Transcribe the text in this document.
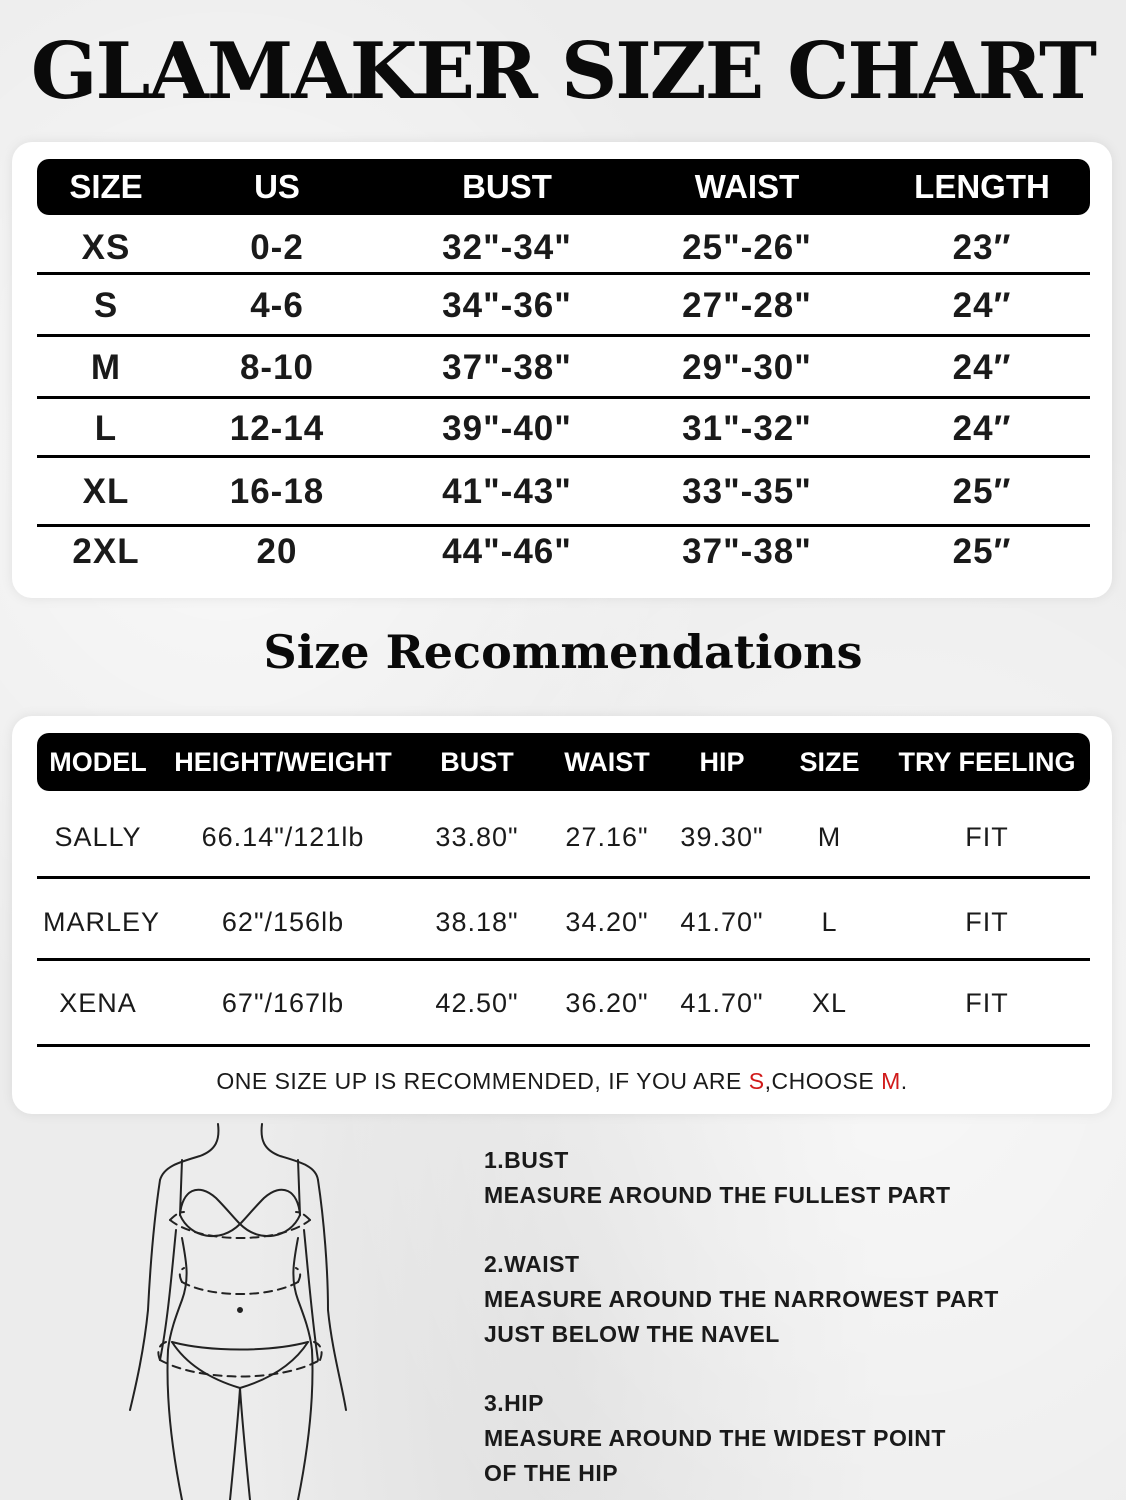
GLAMAKER SIZE CHART
SIZE	US	BUST	WAIST	LENGTH
XS	0-2	32"-34"	25"-26"	23″
S	4-6	34"-36"	27"-28"	24″
M	8-10	37"-38"	29"-30"	24″
L	12-14	39"-40"	31"-32"	24″
XL	16-18	41"-43"	33"-35"	25″
2XL	20	44"-46"	37"-38"	25″
Size Recommendations
MODEL	HEIGHT/WEIGHT	BUST	WAIST	HIP	SIZE	TRY FEELING
SALLY	66.14"/121lb	33.80"	27.16"	39.30"	M	FIT
MARLEY	62"/156lb	38.18"	34.20"	41.70"	L	FIT
XENA	67"/167lb	42.50"	36.20"	41.70"	XL	FIT
ONE SIZE UP IS RECOMMENDED, IF YOU ARE S,CHOOSE M.
1.BUST
MEASURE AROUND THE FULLEST PART
2.WAIST
MEASURE AROUND THE NARROWEST PART
JUST BELOW THE NAVEL
3.HIP
MEASURE AROUND THE WIDEST POINT
OF THE HIP
